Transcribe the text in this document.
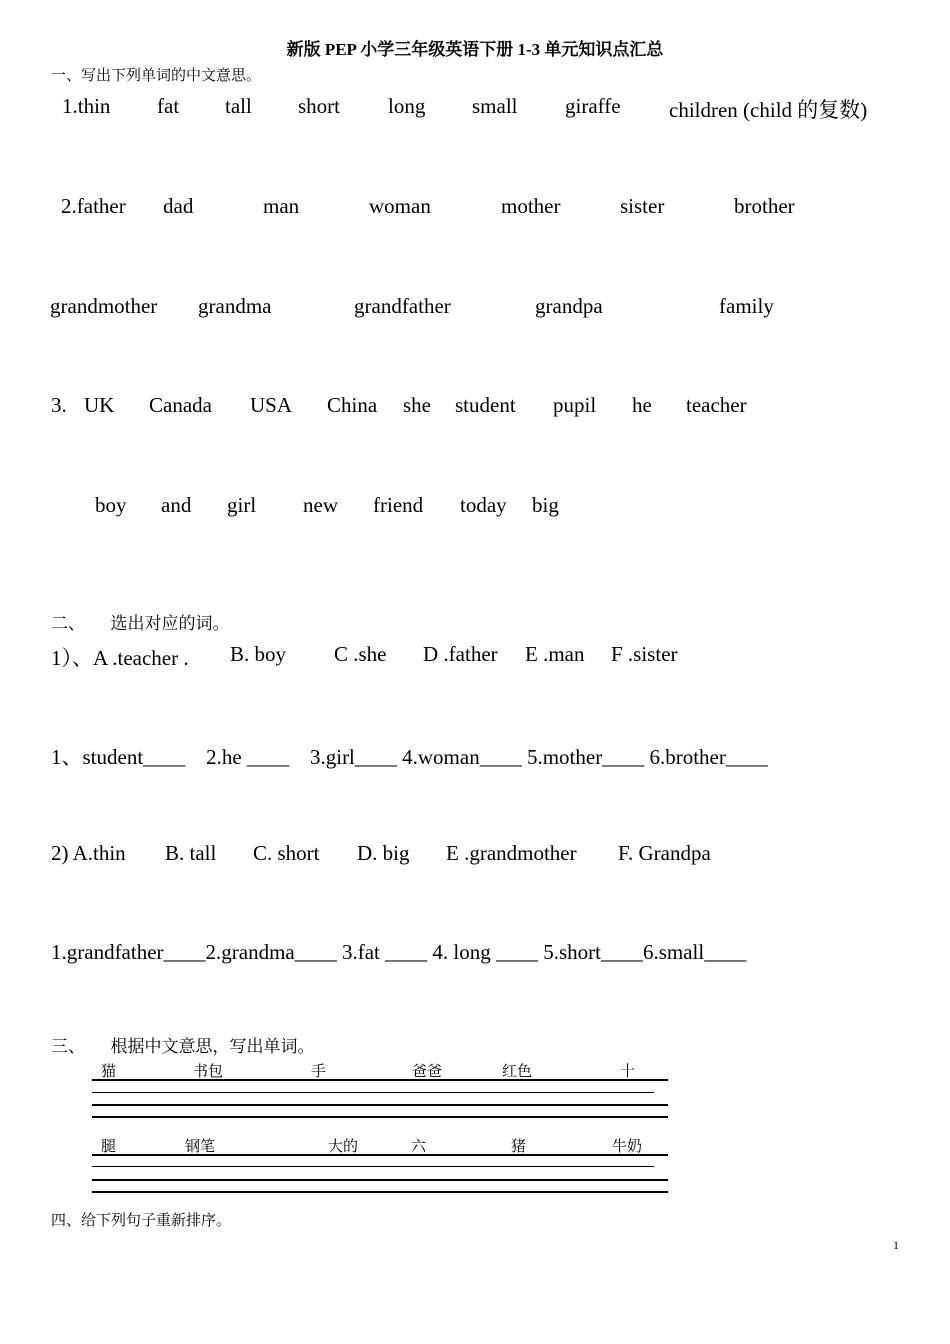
新版 PEP 小学三年级英语下册 1-3 单元知识点汇总
一、写出下列单词的中文意思。
1.thin fat tall short long small giraffe children (child 的复数)
2.father dad	man	woman	mother	sister	brother
grandmother grandma	grandfather	grandpa	family
3. UK Canada USA China she student pupil he teacher
boy and girl new friend today big
二、　　选出对应的词。
1）、A .teacher . B. boy C .she D .father E .man F .sister
1、student____    2.he ____    3.girl____ 4.woman____ 5.mother____ 6.brother____
2) A.thin B. tall C. short D. big E .grandmother F. Grandpa
1.grandfather____2.grandma____ 3.fat ____ 4. long ____ 5.short____6.small____
三、　　根据中文意思，写出单词。
猫	书包	手	爸爸	红色	十
腿	钢笔	大的	六	猪	牛奶
四、给下列句子重新排序。
1
